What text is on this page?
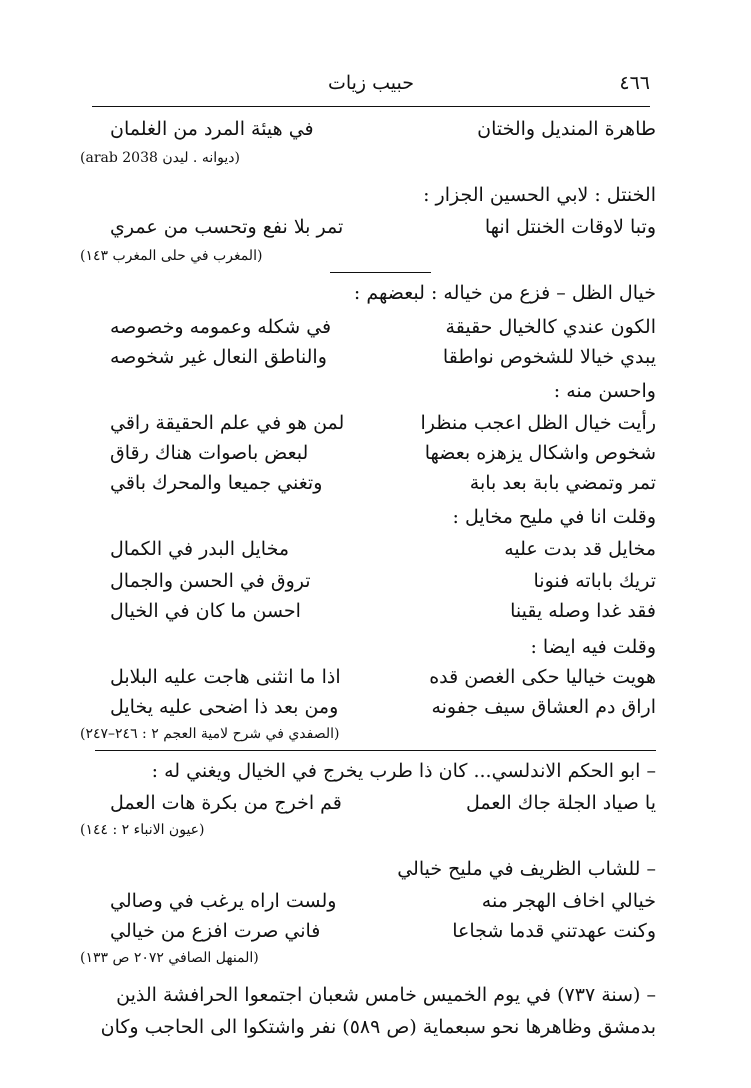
٤٦٦
حبيب زيات
طاهرة المنديل والختان
في هيئة المرد من الغلمان
(ديوانه . ليدن arab 2038)
الخنتل : لابي الحسين الجزار :
وتبا لاوقات الخنتل انها
تمر بلا نفع وتحسب من عمري
(المغرب في حلى المغرب ١٤٣)
خيال الظل – فزع من خياله : لبعضهم :
الكون عندي كالخيال حقيقة
في شكله وعمومه وخصوصه
يبدي خيالا للشخوص نواطقا
والناطق النعال غير شخوصه
واحسن منه :
رأيت خيال الظل اعجب منظرا
لمن هو في علم الحقيقة راقي
شخوص واشكال يزهزه بعضها
لبعض باصوات هناك رقاق
تمر وتمضي بابة بعد بابة
وتغني جميعا والمحرك باقي
وقلت انا في مليح مخايل :
مخايل قد بدت عليه
مخايل البدر في الكمال
تريك باباته فنونا
تروق في الحسن والجمال
فقد غدا وصله يقينا
احسن ما كان في الخيال
وقلت فيه ايضا :
هويت خياليا حكى الغصن قده
اذا ما انثنى هاجت عليه البلابل
اراق دم العشاق سيف جفونه
ومن بعد ذا اضحى عليه يخايل
(الصفدي في شرح لامية العجم ٢ : ٢٤٦–٢٤٧)
– ابو الحكم الاندلسي... كان ذا طرب يخرج في الخيال ويغني له :
يا صياد الجلة جاك العمل
قم اخرج من بكرة هات العمل
(عيون الانباء ٢ : ١٤٤)
– للشاب الظريف في مليح خيالي
خيالي اخاف الهجر منه
ولست اراه يرغب في وصالي
وكنت عهدتني قدما شجاعا
فاني صرت افزع من خيالي
(المنهل الصافي ٢٠٧٢ ص ١٣٣)
– (سنة ٧٣٧) في يوم الخميس خامس شعبان اجتمعوا الحرافشة الذين
بدمشق وظاهرها نحو سبعماية (ص ٥٨٩) نفر واشتكوا الى الحاجب وكان
